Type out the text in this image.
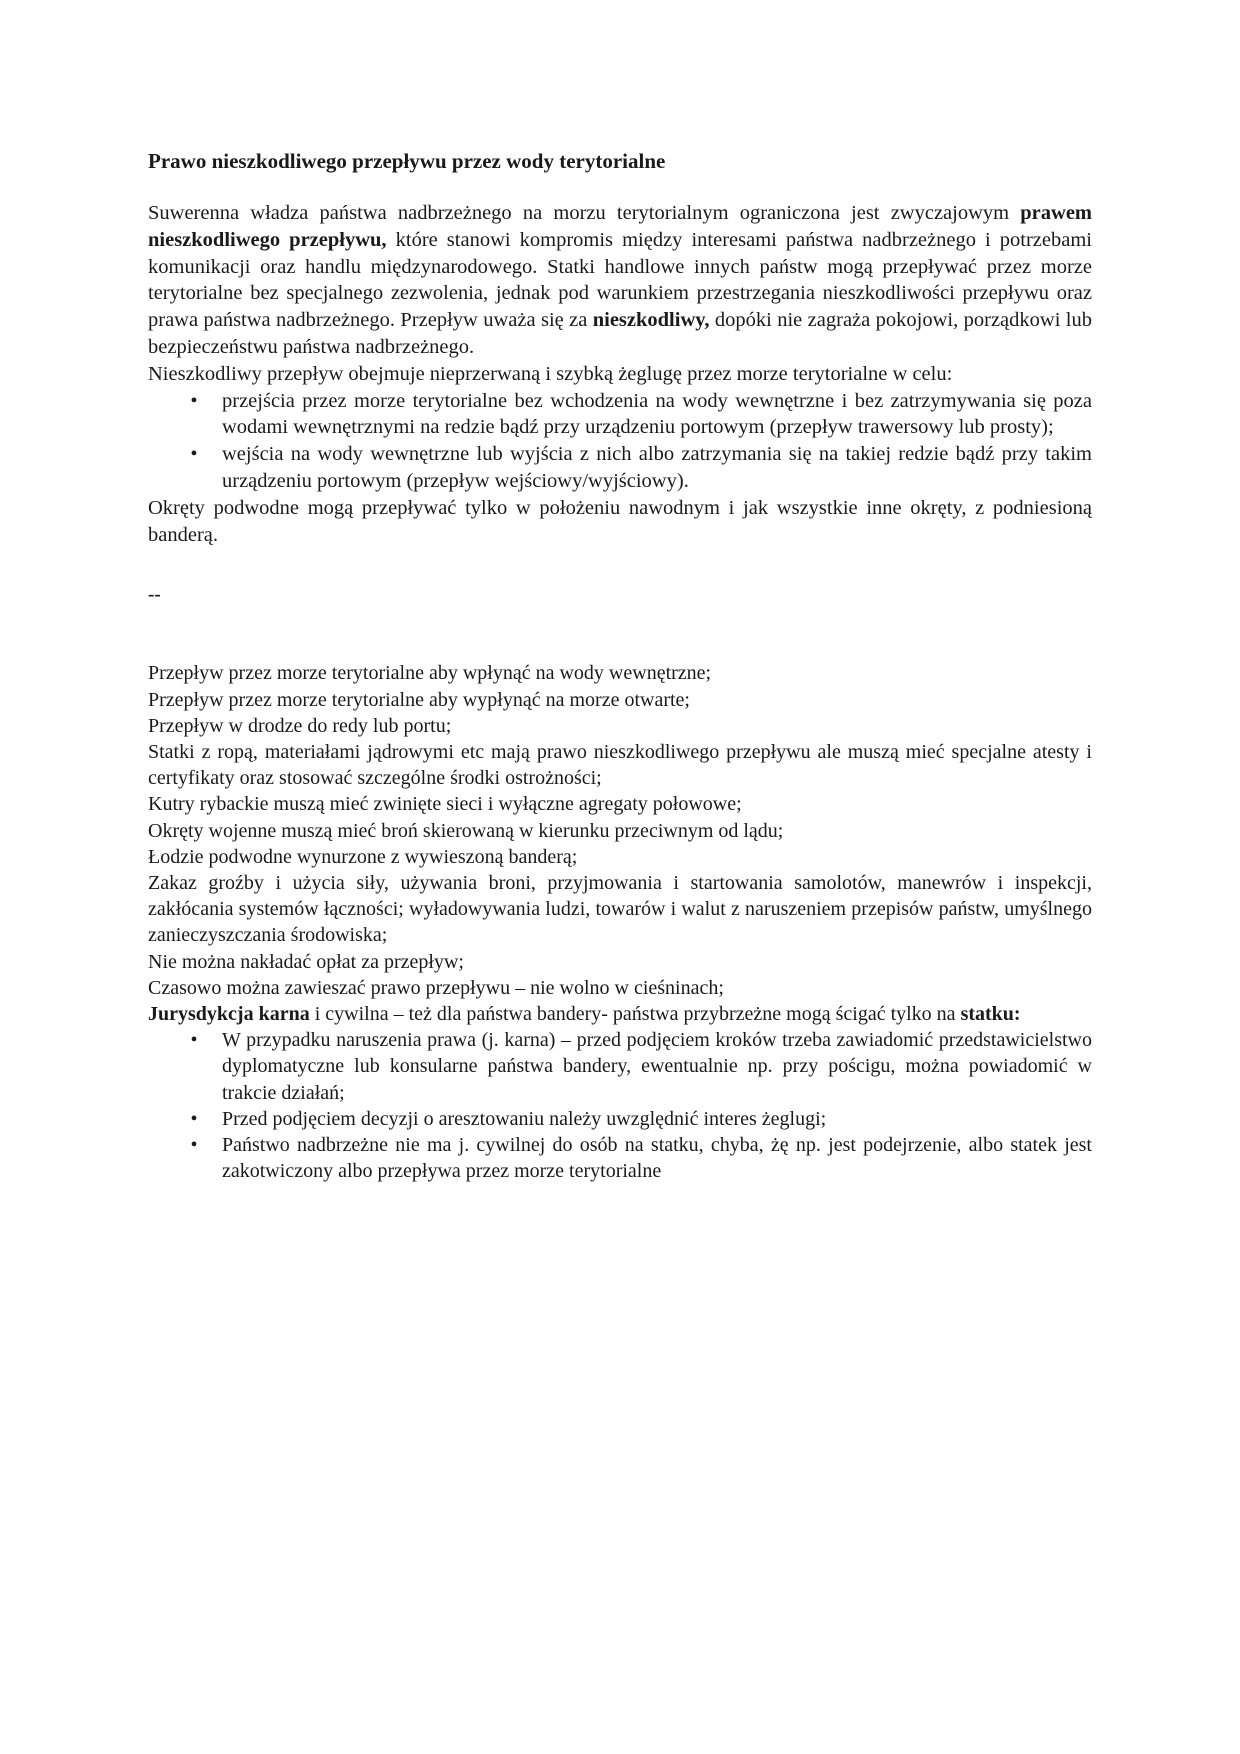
Prawo nieszkodliwego przepływu przez wody terytorialne

Suwerenna władza państwa nadbrzeżnego na morzu terytorialnym ograniczona jest zwyczajowym prawem nieszkodliwego przepływu, które stanowi kompromis między interesami państwa nadbrzeżnego i potrzebami komunikacji oraz handlu międzynarodowego. Statki handlowe innych państw mogą przepływać przez morze terytorialne bez specjalnego zezwolenia, jednak pod warunkiem przestrzegania nieszkodliwości przepływu oraz prawa państwa nadbrzeżnego. Przepływ uważa się za nieszkodliwy, dopóki nie zagraża pokojowi, porządkowi lub bezpieczeństwu państwa nadbrzeżnego.

Nieszkodliwy przepływ obejmuje nieprzerwaną i szybką żeglugę przez morze terytorialne w celu:

•	przejścia przez morze terytorialne bez wchodzenia na wody wewnętrzne i bez zatrzymywania się poza wodami wewnętrznymi na redzie bądź przy urządzeniu portowym (przepływ trawersowy lub prosty);
•	wejścia na wody wewnętrzne lub wyjścia z nich albo zatrzymania się na takiej redzie bądź przy takim urządzeniu portowym (przepływ wejściowy/wyjściowy).

Okręty podwodne mogą przepływać tylko w położeniu nawodnym i jak wszystkie inne okręty, z podniesioną banderą.

--

Przepływ przez morze terytorialne aby wpłynąć na wody wewnętrzne;

Przepływ przez morze terytorialne aby wypłynąć na morze otwarte;

Przepływ w drodze do redy lub portu;

Statki z ropą, materiałami jądrowymi etc mają prawo nieszkodliwego przepływu ale muszą mieć specjalne atesty i certyfikaty oraz stosować szczególne środki ostrożności;

Kutry rybackie muszą mieć zwinięte sieci i wyłączne agregaty połowowe;

Okręty wojenne muszą mieć broń skierowaną w kierunku przeciwnym od lądu;

Łodzie podwodne wynurzone z wywieszoną banderą;

Zakaz groźby i użycia siły, używania broni, przyjmowania i startowania samolotów, manewrów i inspekcji, zakłócania systemów łączności; wyładowywania ludzi, towarów i walut z naruszeniem przepisów państw, umyślnego zanieczyszczania środowiska;

Nie można nakładać opłat za przepływ;

Czasowo można zawieszać prawo przepływu – nie wolno w cieśninach;

Jurysdykcja karna i cywilna – też dla państwa bandery- państwa przybrzeżne mogą ścigać tylko na statku:

•	W przypadku naruszenia prawa (j. karna) – przed podjęciem kroków trzeba zawiadomić przedstawicielstwo dyplomatyczne lub konsularne państwa bandery, ewentualnie np. przy pościgu, można powiadomić w trakcie działań;
•	Przed podjęciem decyzji o aresztowaniu należy uwzględnić interes żeglugi;
•	Państwo nadbrzeżne nie ma j. cywilnej do osób na statku, chyba, żę np. jest podejrzenie, albo statek jest zakotwiczony albo przepływa przez morze terytorialne
